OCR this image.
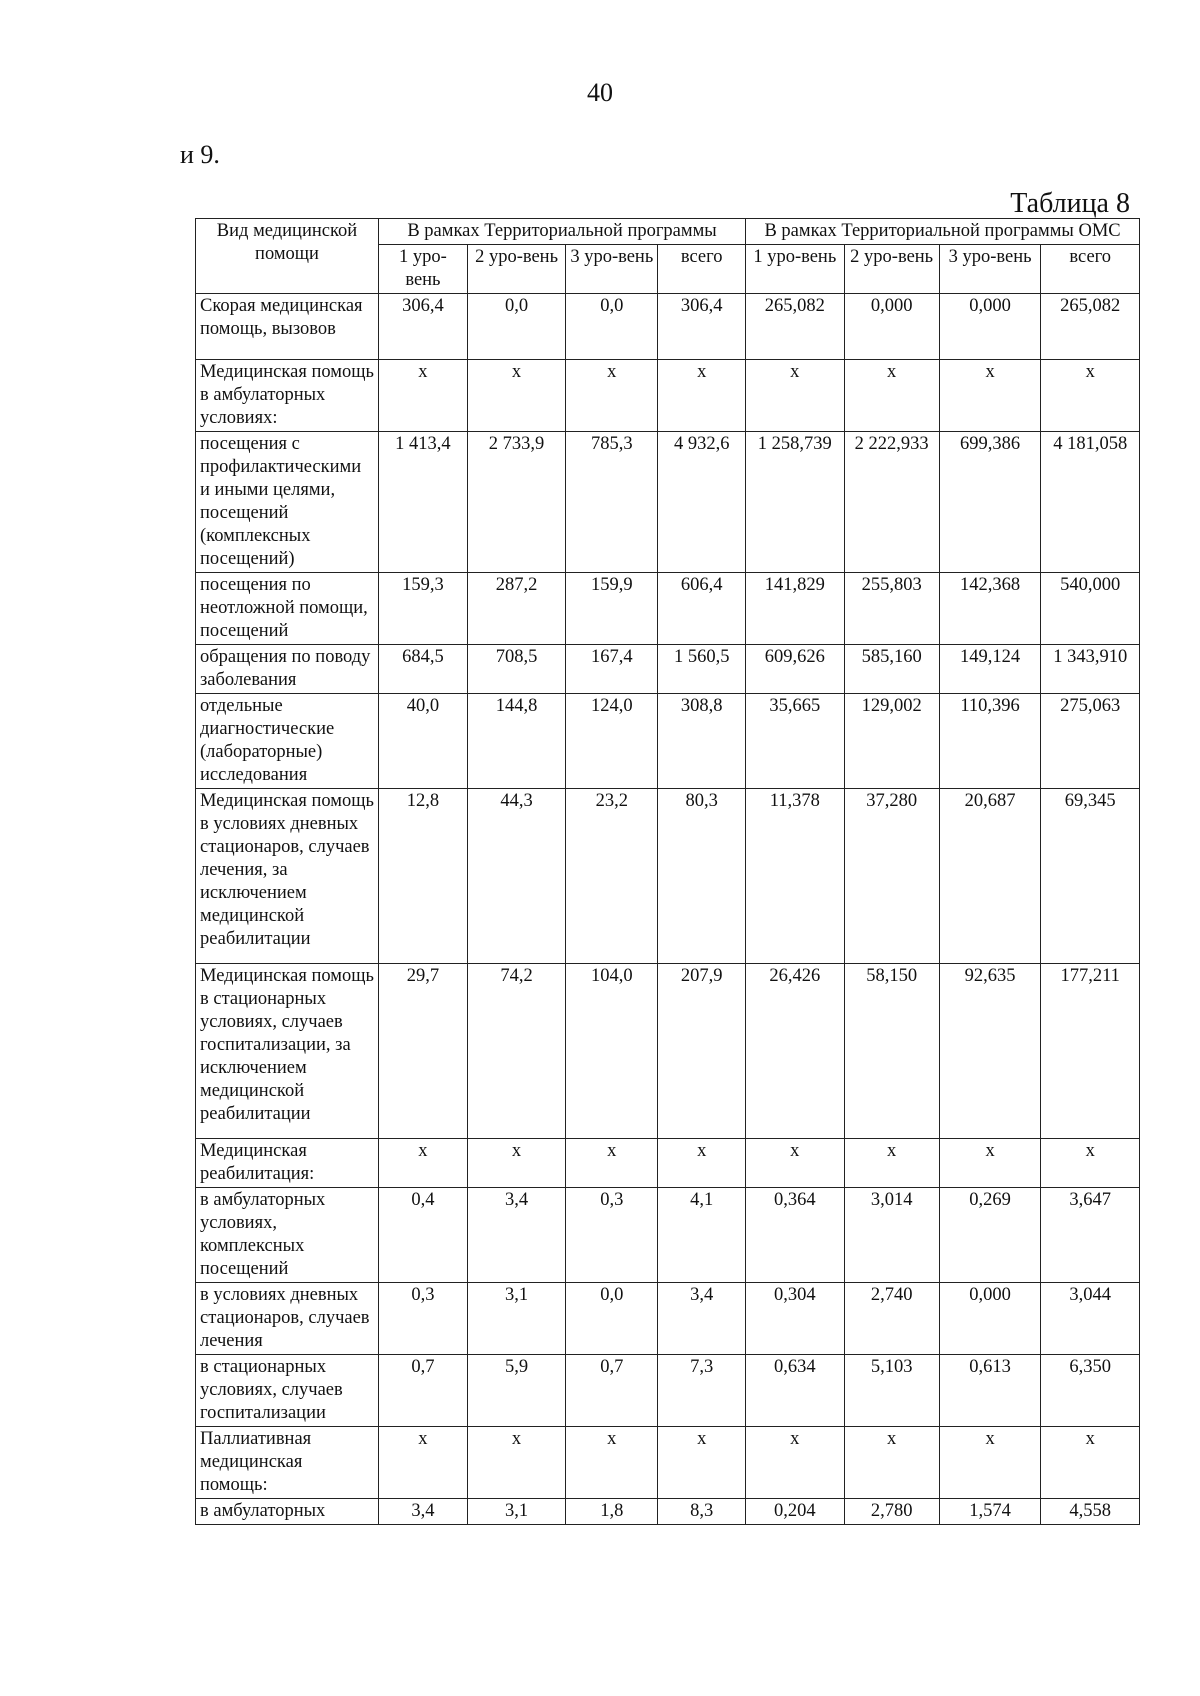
40
и 9.
Таблица 8
Вид медицинской помощи	В рамках Территориальной программы				В рамках Территориальной программы ОМС			
	1 уро-вень	2 уро-вень	3 уро-вень	всего	1 уро-вень	2 уро-вень	3 уро-вень	всего
Скорая медицинская помощь, вызовов	306,4	0,0	0,0	306,4	265,082	0,000	0,000	265,082
Медицинская помощь в амбулаторных условиях:	х	х	х	х	х	х	х	х
посещения с профилактическими и иными целями, посещений (комплексных посещений)	1 413,4	2 733,9	785,3	4 932,6	1 258,739	2 222,933	699,386	4 181,058
посещения по неотложной помощи, посещений	159,3	287,2	159,9	606,4	141,829	255,803	142,368	540,000
обращения по поводу заболевания	684,5	708,5	167,4	1 560,5	609,626	585,160	149,124	1 343,910
отдельные диагностические (лабораторные) исследования	40,0	144,8	124,0	308,8	35,665	129,002	110,396	275,063
Медицинская помощь в условиях дневных стационаров, случаев лечения, за исключением медицинской реабилитации	12,8	44,3	23,2	80,3	11,378	37,280	20,687	69,345
Медицинская помощь в стационарных условиях, случаев госпитализации, за исключением медицинской реабилитации	29,7	74,2	104,0	207,9	26,426	58,150	92,635	177,211
Медицинская реабилитация:	х	х	х	х	х	х	х	х
в амбулаторных условиях, комплексных посещений	0,4	3,4	0,3	4,1	0,364	3,014	0,269	3,647
в условиях дневных стационаров, случаев лечения	0,3	3,1	0,0	3,4	0,304	2,740	0,000	3,044
в стационарных условиях, случаев госпитализации	0,7	5,9	0,7	7,3	0,634	5,103	0,613	6,350
Паллиативная медицинская помощь:	х	х	х	х	х	х	х	х
в амбулаторных	3,4	3,1	1,8	8,3	0,204	2,780	1,574	4,558
